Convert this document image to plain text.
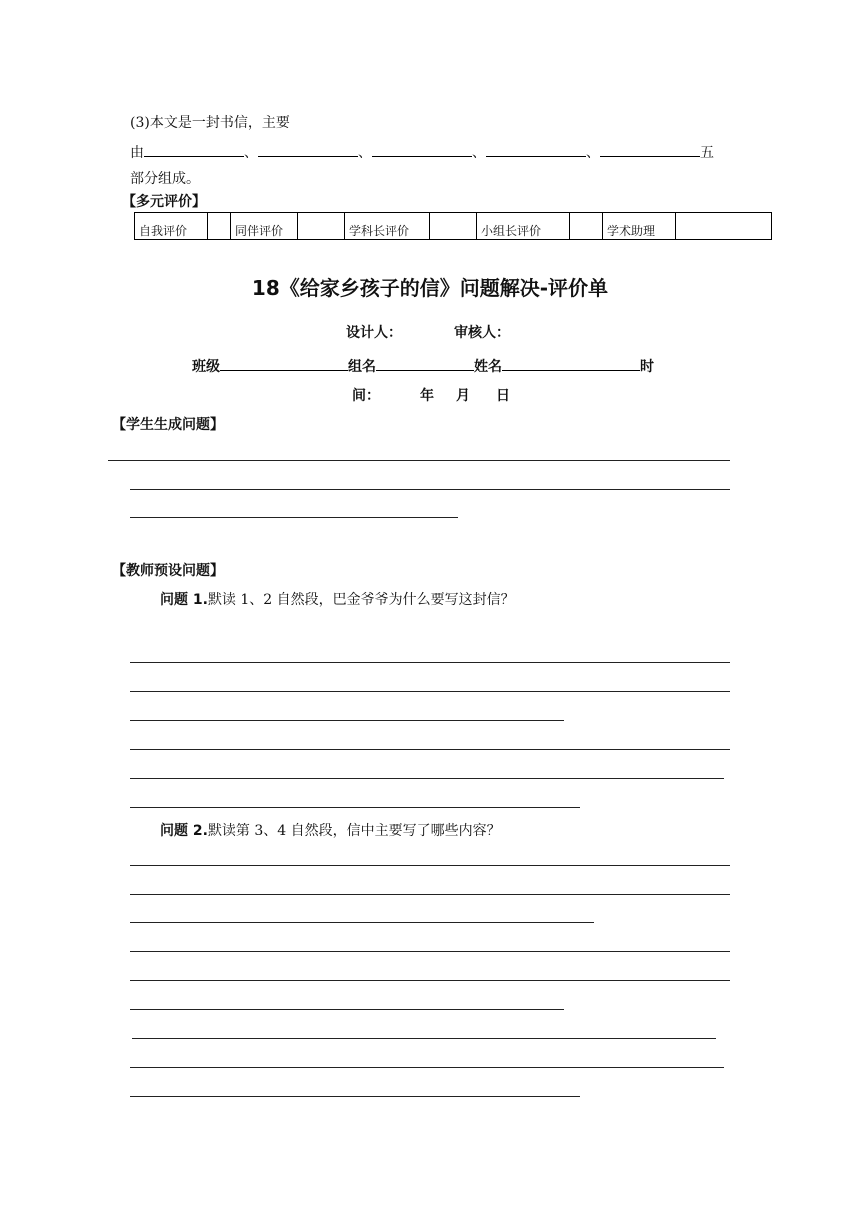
(3)本文是一封书信，主要
由	、	、	、	、	五
部分组成。
【多元评价】
自我评价		同伴评价		学科长评价		小组长评价		学术助理	
18《给家乡孩子的信》问题解决-评价单
设计人：	审核人：
班级	组名	姓名	时
间：	年 月 日
【学生生成问题】
【教师预设问题】
问题 1.默读 1、2 自然段，巴金爷爷为什么要写这封信？
问题 2.默读第 3、4 自然段，信中主要写了哪些内容？
